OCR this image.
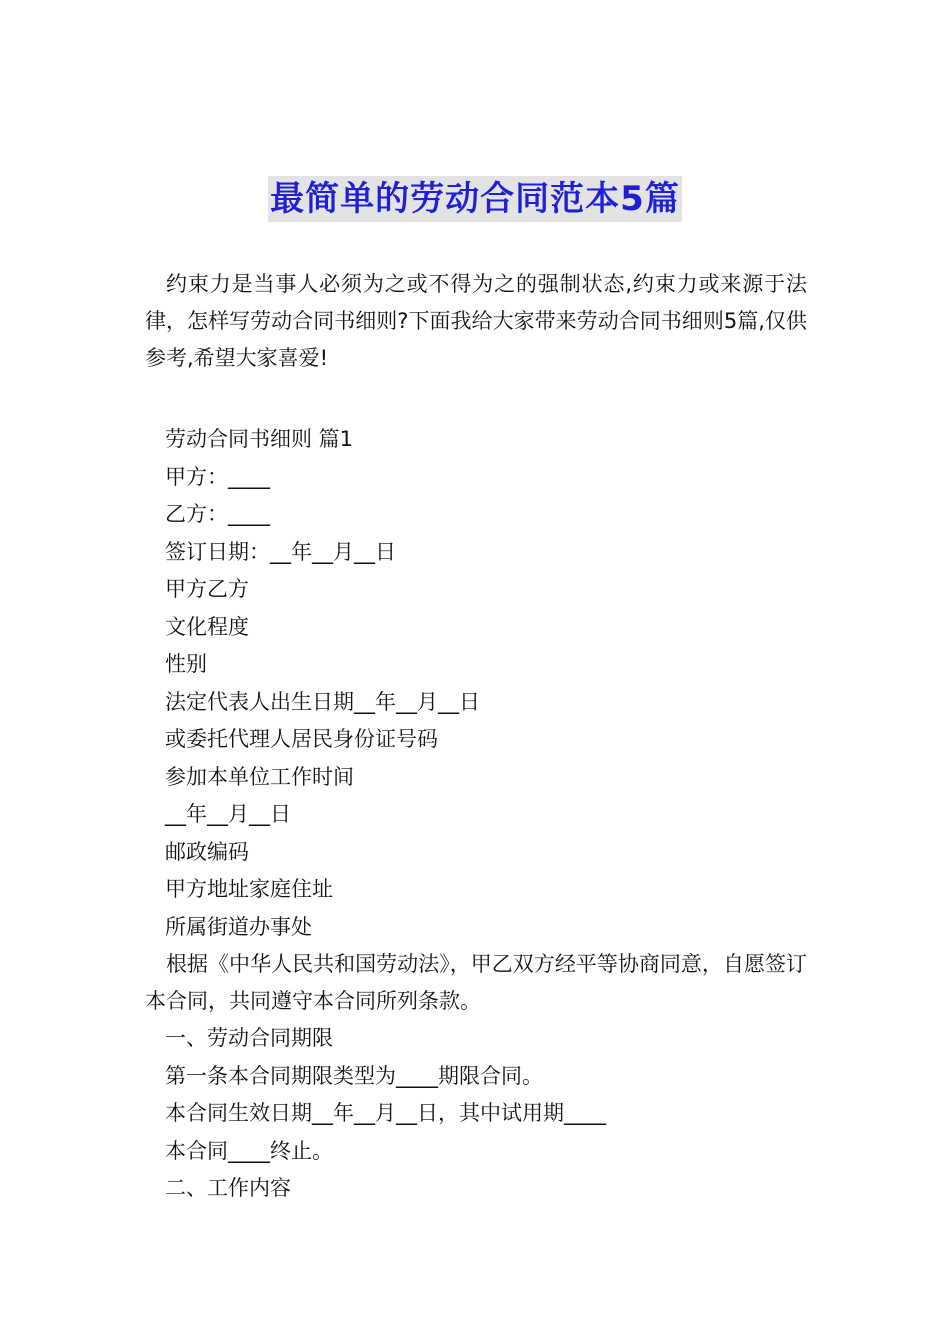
最简单的劳动合同范本5篇

约束力是当事人必须为之或不得为之的强制状态,约束力或来源于法律，怎样写劳动合同书细则?下面我给大家带来劳动合同书细则5篇,仅供参考,希望大家喜爱!

劳动合同书细则 篇1

甲方：____

乙方：____

签订日期：__年__月__日

甲方乙方

文化程度

性别

法定代表人出生日期__年__月__日

或委托代理人居民身份证号码

参加本单位工作时间

__年__月__日

邮政编码

甲方地址家庭住址

所属街道办事处

根据《中华人民共和国劳动法》，甲乙双方经平等协商同意，自愿签订本合同，共同遵守本合同所列条款。

一、劳动合同期限

第一条本合同期限类型为____期限合同。

本合同生效日期__年__月__日，其中试用期____

本合同____终止。

二、工作内容
